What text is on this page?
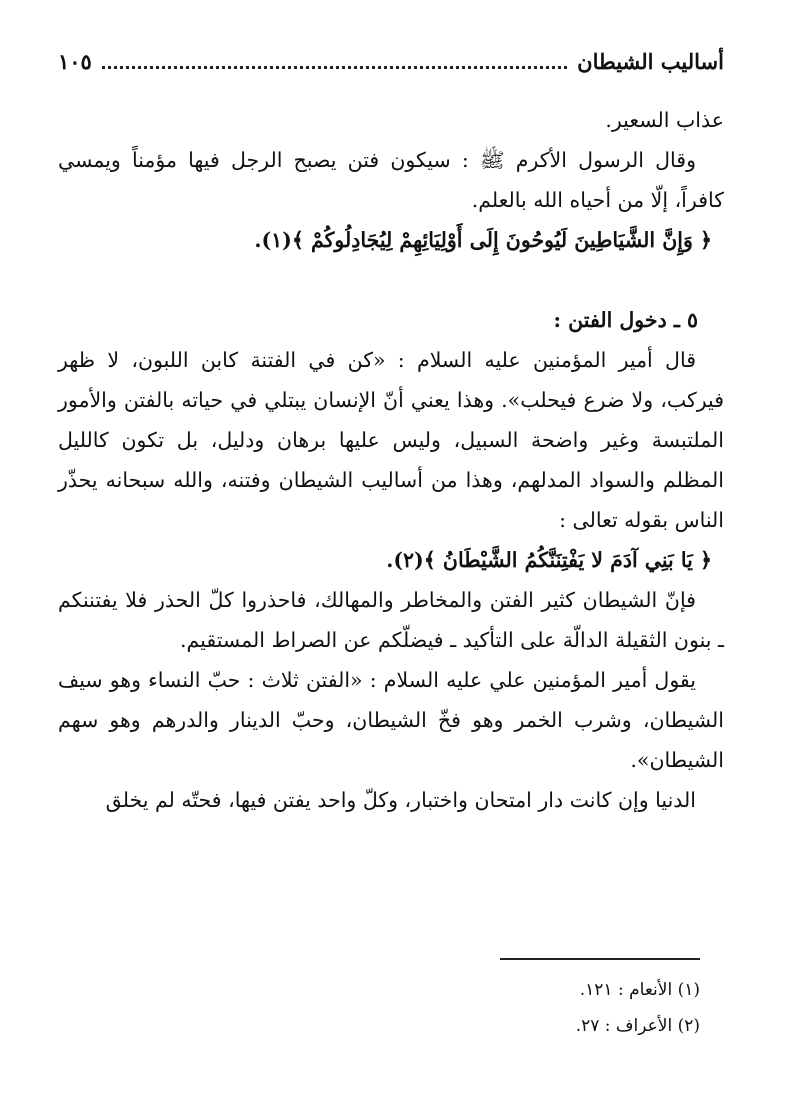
أساليب الشيطان
١٠٥

عذاب السعير.

وقال الرسول الأكرم ﷺ : سيكون فتن يصبح الرجل فيها مؤمناً ويمسي كافراً، إلّا من أحياه الله بالعلم.

﴿ وَإِنَّ الشَّيَاطِينَ لَيُوحُونَ إِلَى أَوْلِيَائِهِمْ لِيُجَادِلُوكُمْ ﴾(١).

٥ ـ دخول الفتن :

قال أمير المؤمنين عليه السلام : «كن في الفتنة كابن اللبون، لا ظهر فيركب، ولا ضرع فيحلب». وهذا يعني أنّ الإنسان يبتلي في حياته بالفتن والأمور الملتبسة وغير واضحة السبيل، وليس عليها برهان ودليل، بل تكون كالليل المظلم والسواد المدلهم، وهذا من أساليب الشيطان وفتنه، والله سبحانه يحذّر الناس بقوله تعالى :

﴿ يَا بَنِي آدَمَ لا يَفْتِنَنَّكُمُ الشَّيْطَانُ ﴾(٢).

فإنّ الشيطان كثير الفتن والمخاطر والمهالك، فاحذروا كلّ الحذر فلا يفتننكم ـ بنون الثقيلة الدالّة على التأكيد ـ فيضلّكم عن الصراط المستقيم.

يقول أمير المؤمنين علي عليه السلام : «الفتن ثلاث : حبّ النساء وهو سيف الشيطان، وشرب الخمر وهو فخّ الشيطان، وحبّ الدينار والدرهم وهو سهم الشيطان».

الدنيا وإن كانت دار امتحان واختبار، وكلّ واحد يفتن فيها، فحتّه لم يخلق

(١) الأنعام : ١٢١.

(٢) الأعراف : ٢٧.
